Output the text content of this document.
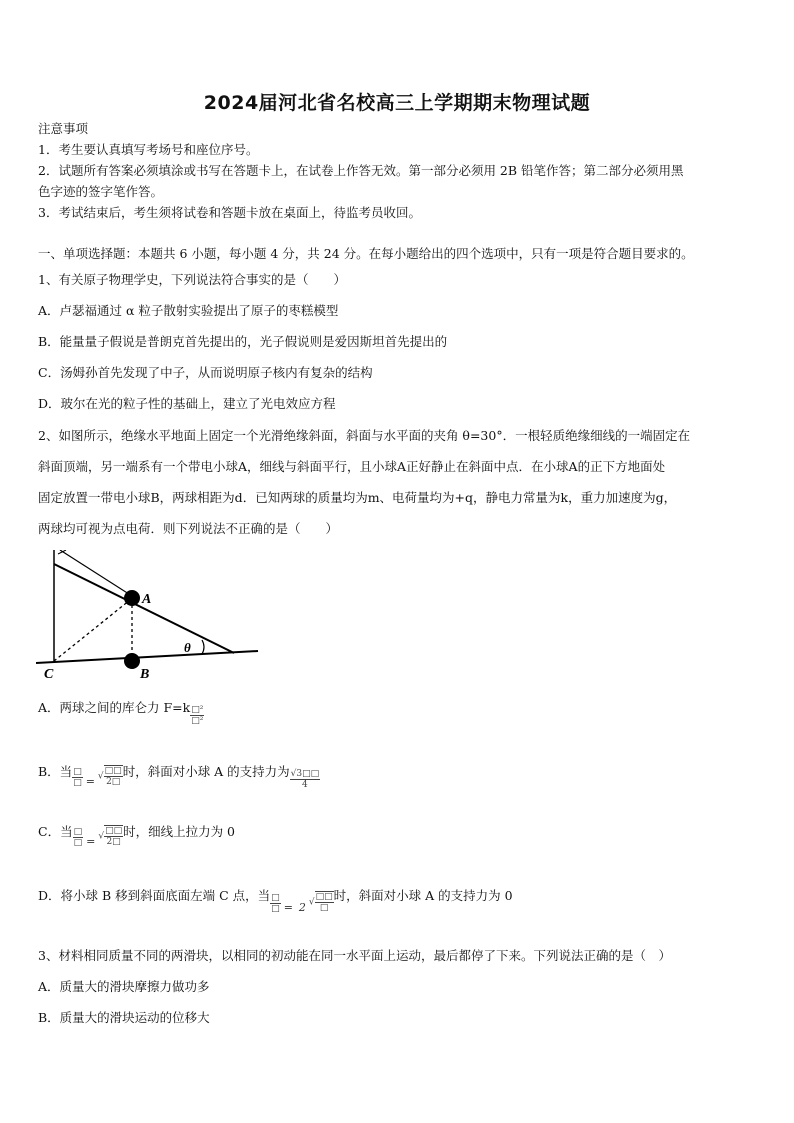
2024届河北省名校高三上学期期末物理试题
注意事项
1．考生要认真填写考场号和座位序号。
2．试题所有答案必须填涂或书写在答题卡上，在试卷上作答无效。第一部分必须用 2B 铅笔作答；第二部分必须用黑
色字迹的签字笔作答。
3．考试结束后，考生须将试卷和答题卡放在桌面上，待监考员收回。
一、单项选择题：本题共 6 小题，每小题 4 分，共 24 分。在每小题给出的四个选项中，只有一项是符合题目要求的。
1、有关原子物理学史，下列说法符合事实的是（　　）
A．卢瑟福通过 α 粒子散射实验提出了原子的枣糕模型
B．能量量子假说是普朗克首先提出的，光子假说则是爱因斯坦首先提出的
C．汤姆孙首先发现了中子，从而说明原子核内有复杂的结构
D．玻尔在光的粒子性的基础上，建立了光电效应方程
2、如图所示，绝缘水平地面上固定一个光滑绝缘斜面，斜面与水平面的夹角 θ=30°．一根轻质绝缘细线的一端固定在
斜面顶端，另一端系有一个带电小球A，细线与斜面平行，且小球A正好静止在斜面中点．在小球A的正下方地面处
固定放置一带电小球B，两球相距为d．已知两球的质量均为m、电荷量均为+q，静电力常量为k，重力加速度为g，
两球均可视为点电荷．则下列说法不正确的是（　　）
A
B
C
θ
A．两球之间的库仑力 $F=k \frac{\text{□²}}{\text{□²}}$
B．当 $\frac{□}{□}$ = √ $\frac{□□}{2□}$ 时，斜面对小球 A 的支持力为 $\frac{√3□□}{4}$
C．当 $\frac{□}{□}$ = √ $\frac{□□}{2□}$ 时，细线上拉力为 0
D．将小球 B 移到斜面底面左端 C 点，当 $\frac{□}{□} = 2$ √ $\frac{□□}{□}$ 时，斜面对小球 A 的支持力为 0
3、材料相同质量不同的两滑块，以相同的初动能在同一水平面上运动，最后都停了下来。下列说法正确的是（　）
A．质量大的滑块摩擦力做功多
B．质量大的滑块运动的位移大
